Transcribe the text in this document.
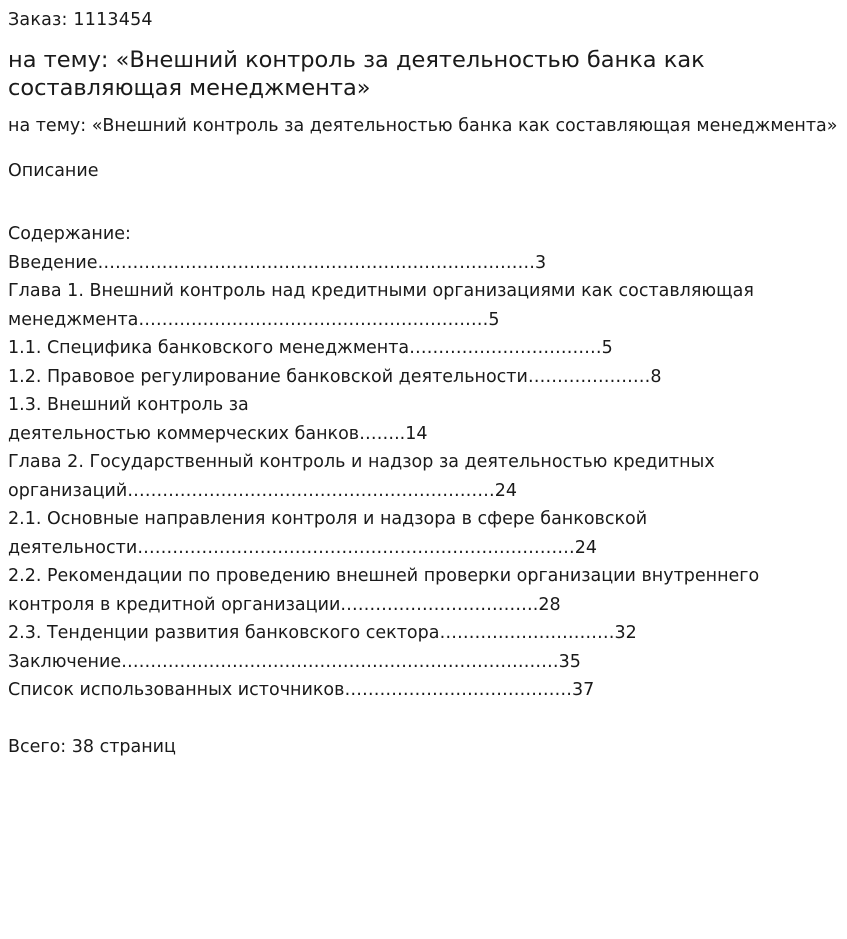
Заказ: 1113454

на тему: «Внешний контроль за деятельностью банка как составляющая менеджмента»

на тему: «Внешний контроль за деятельностью банка как составляющая менеджмента»

Описание

Содержание:
Введение…………………………………………………………………3
Глава 1. Внешний контроль над кредитными организациями как составляющая менеджмента……………………………………………………5
1.1. Специфика банковского менеджмента……………………………5
1.2. Правовое регулирование банковской деятельности…………………8
1.3. Внешний контроль за
деятельностью коммерческих банков……..14
Глава 2. Государственный контроль и надзор за деятельностью кредитных организаций………………………………………………………24
2.1. Основные направления контроля и надзора в сфере банковской деятельности…………………………………………………………………24
2.2. Рекомендации по проведению внешней проверки организации внутреннего контроля в кредитной организации…………………………….28
2.3. Тенденции развития банковского сектора…………………………32
Заключение…………………………………………………………………35
Список использованных источников…………………………………37
Всего: 38 страниц
